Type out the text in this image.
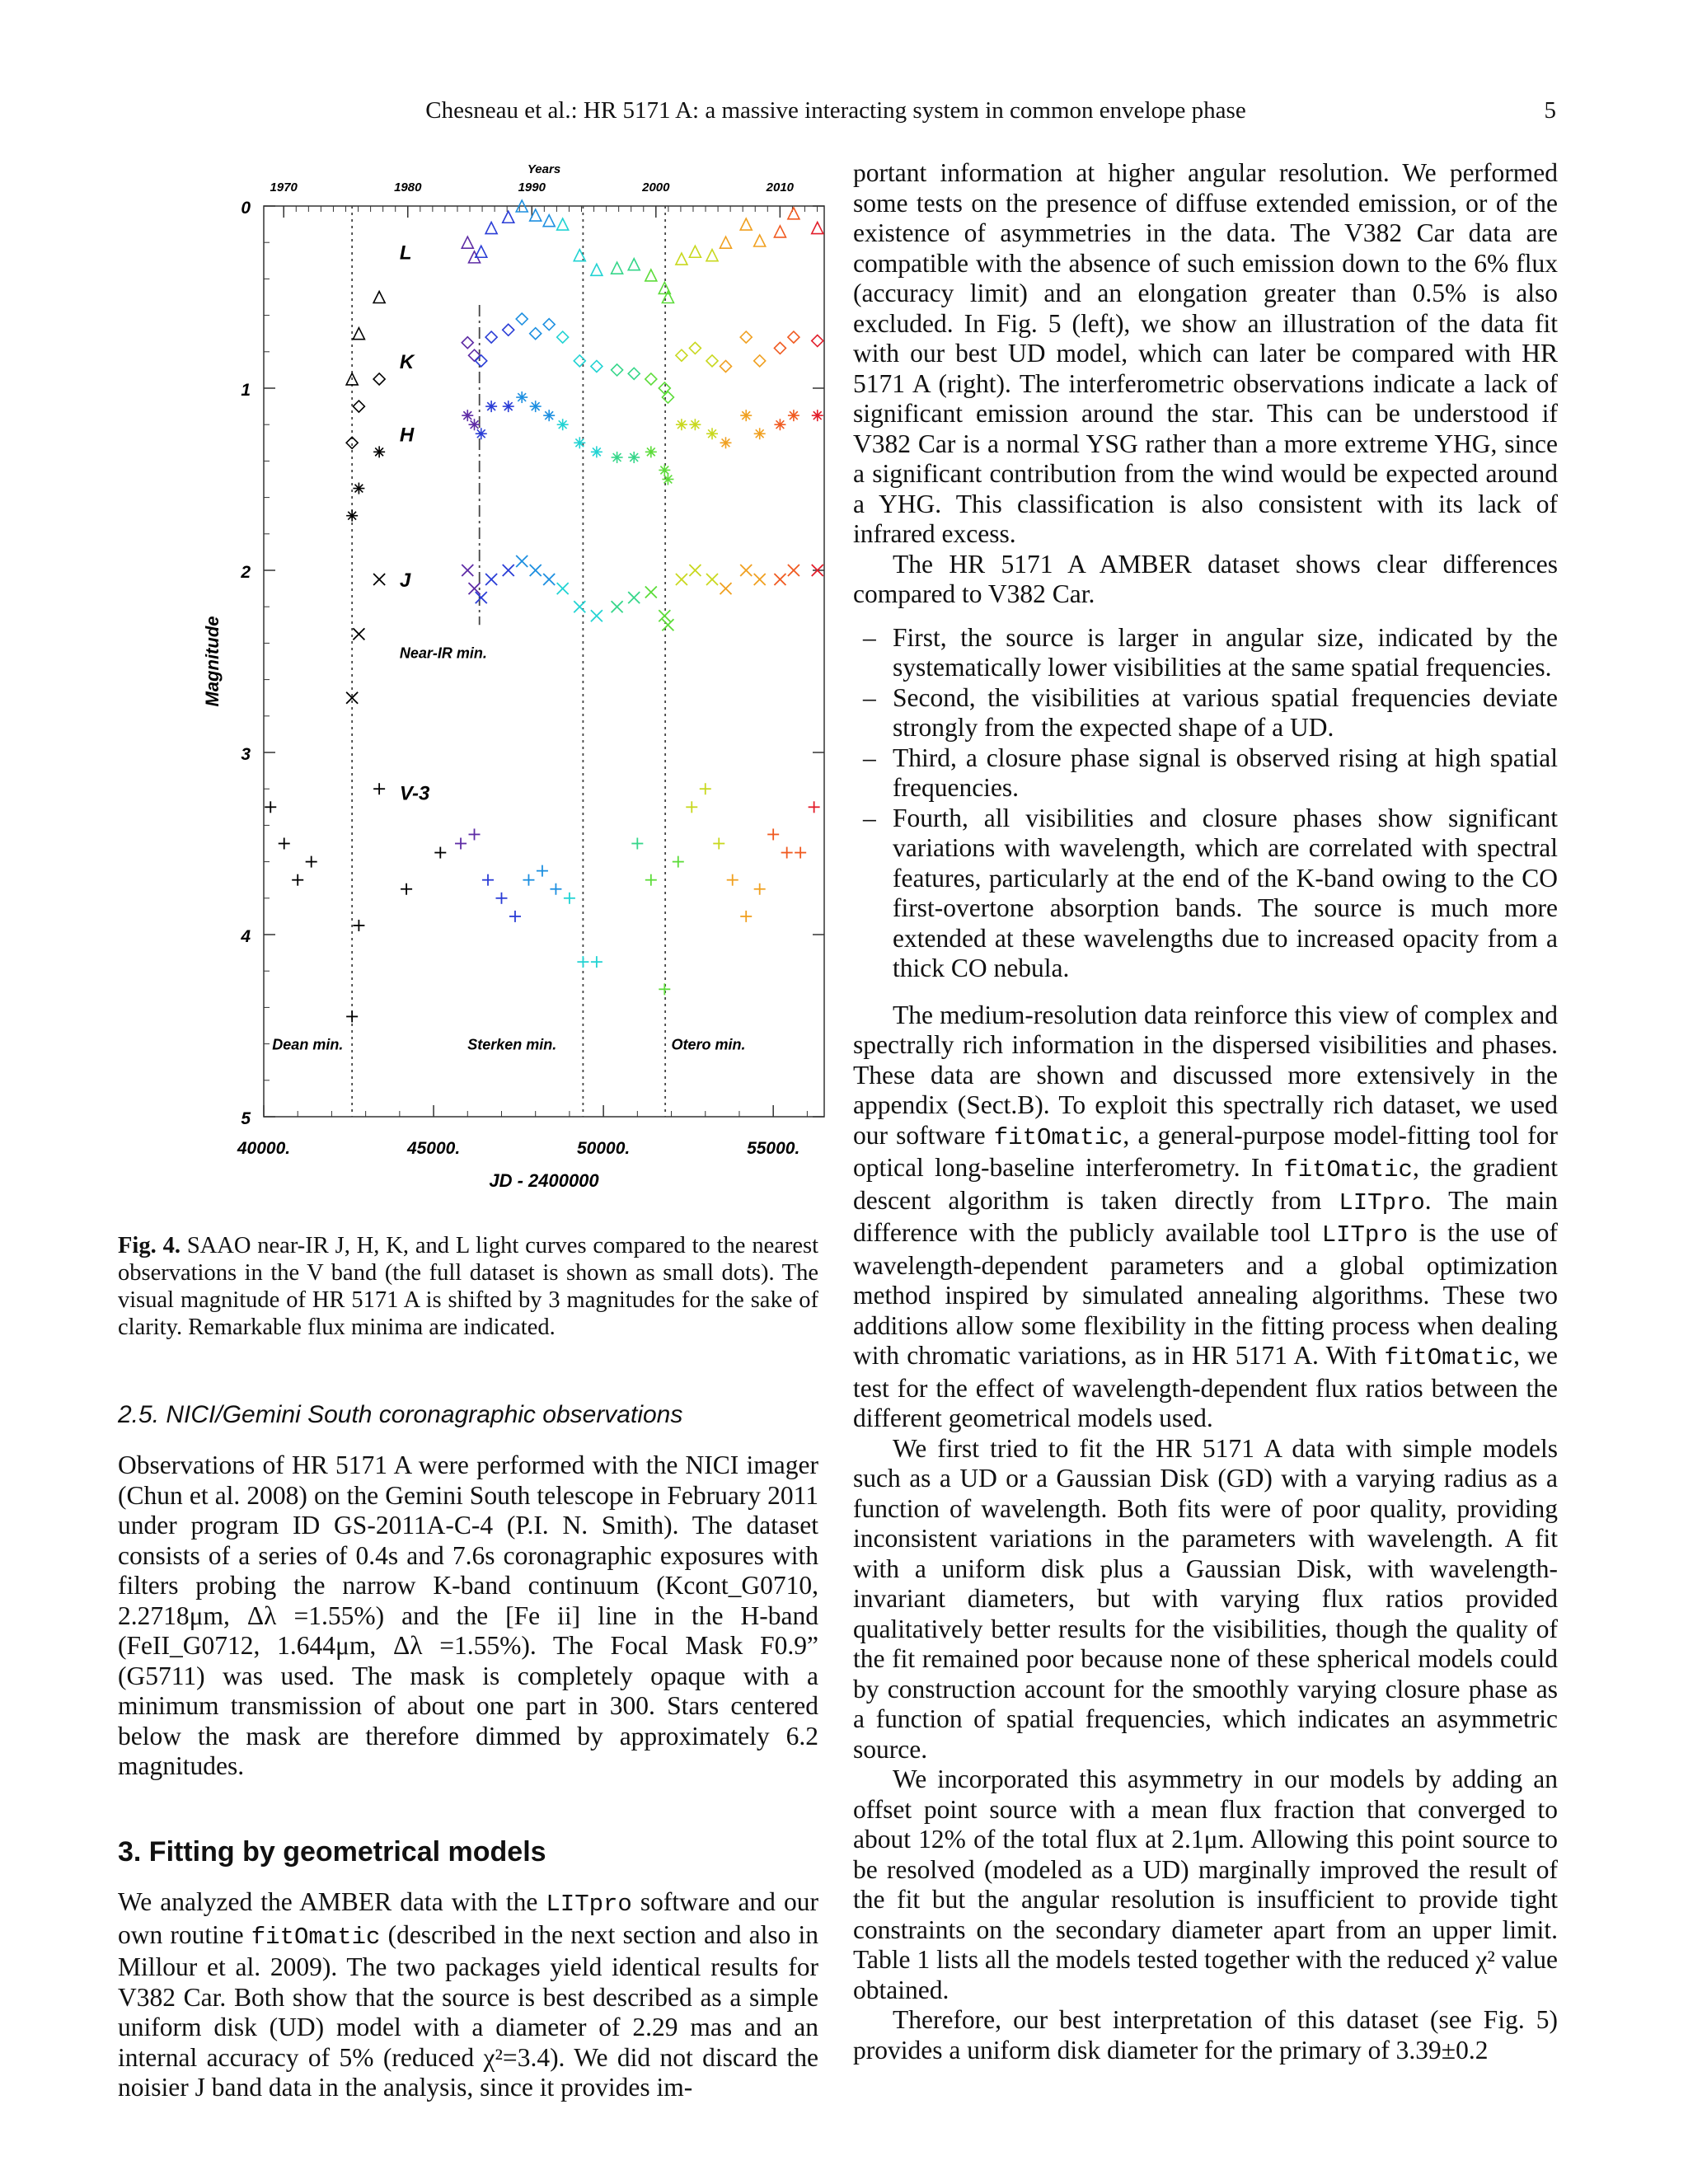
Chesneau et al.: HR 5171 A: a massive interacting system in common envelope phase	5
0
1
2
3
4
5
40000.	45000.	50000.	55000.
1970	1980	1990	2000	2010
Years
JD - 2400000
Magnitude
L
K
H
J
V-3
Near-IR min.
Dean min.	Sterken min.	Otero min.
Fig. 4. SAAO near-IR J, H, K, and L light curves compared to the nearest observations in the V band (the full dataset is shown as small dots). The visual magnitude of HR 5171 A is shifted by 3 magnitudes for the sake of clarity. Remarkable flux minima are indicated.
2.5. NICI/Gemini South coronagraphic observations

Observations of HR 5171 A were performed with the NICI imager (Chun et al. 2008) on the Gemini South telescope in February 2011 under program ID GS-2011A-C-4 (P.I. N. Smith). The dataset consists of a series of 0.4s and 7.6s coronagraphic exposures with filters probing the narrow K-band continuum (Kcont_G0710, 2.2718μm, Δλ =1.55%) and the [Fe ii] line in the H-band (FeII_G0712, 1.644μm, Δλ =1.55%). The Focal Mask F0.9” (G5711) was used. The mask is completely opaque with a minimum transmission of about one part in 300. Stars centered below the mask are therefore dimmed by approximately 6.2 magnitudes.

3. Fitting by geometrical models

We analyzed the AMBER data with the LITpro software and our own routine fitOmatic (described in the next section and also in Millour et al. 2009). The two packages yield identical results for V382 Car. Both show that the source is best described as a simple uniform disk (UD) model with a diameter of 2.29 mas and an internal accuracy of 5% (reduced χ²=3.4). We did not discard the noisier J band data in the analysis, since it provides im-

portant information at higher angular resolution. We performed some tests on the presence of diffuse extended emission, or of the existence of asymmetries in the data. The V382 Car data are compatible with the absence of such emission down to the 6% flux (accuracy limit) and an elongation greater than 0.5% is also excluded. In Fig. 5 (left), we show an illustration of the data fit with our best UD model, which can later be compared with HR 5171 A (right). The interferometric observations indicate a lack of significant emission around the star. This can be understood if V382 Car is a normal YSG rather than a more extreme YHG, since a significant contribution from the wind would be expected around a YHG. This classification is also consistent with its lack of infrared excess.

The HR 5171 A AMBER dataset shows clear differences compared to V382 Car.

– First, the source is larger in angular size, indicated by the systematically lower visibilities at the same spatial frequencies.
– Second, the visibilities at various spatial frequencies deviate strongly from the expected shape of a UD.
– Third, a closure phase signal is observed rising at high spatial frequencies.
– Fourth, all visibilities and closure phases show significant variations with wavelength, which are correlated with spectral features, particularly at the end of the K-band owing to the CO first-overtone absorption bands. The source is much more extended at these wavelengths due to increased opacity from a thick CO nebula.

The medium-resolution data reinforce this view of complex and spectrally rich information in the dispersed visibilities and phases. These data are shown and discussed more extensively in the appendix (Sect.B). To exploit this spectrally rich dataset, we used our software fitOmatic, a general-purpose model-fitting tool for optical long-baseline interferometry. In fitOmatic, the gradient descent algorithm is taken directly from LITpro. The main difference with the publicly available tool LITpro is the use of wavelength-dependent parameters and a global optimization method inspired by simulated annealing algorithms. These two additions allow some flexibility in the fitting process when dealing with chromatic variations, as in HR 5171 A. With fitOmatic, we test for the effect of wavelength-dependent flux ratios between the different geometrical models used.

We first tried to fit the HR 5171 A data with simple models such as a UD or a Gaussian Disk (GD) with a varying radius as a function of wavelength. Both fits were of poor quality, providing inconsistent variations in the parameters with wavelength. A fit with a uniform disk plus a Gaussian Disk, with wavelength-invariant diameters, but with varying flux ratios provided qualitatively better results for the visibilities, though the quality of the fit remained poor because none of these spherical models could by construction account for the smoothly varying closure phase as a function of spatial frequencies, which indicates an asymmetric source.

We incorporated this asymmetry in our models by adding an offset point source with a mean flux fraction that converged to about 12% of the total flux at 2.1μm. Allowing this point source to be resolved (modeled as a UD) marginally improved the result of the fit but the angular resolution is insufficient to provide tight constraints on the secondary diameter apart from an upper limit. Table 1 lists all the models tested together with the reduced χ² value obtained.

Therefore, our best interpretation of this dataset (see Fig. 5) provides a uniform disk diameter for the primary of 3.39±0.2
